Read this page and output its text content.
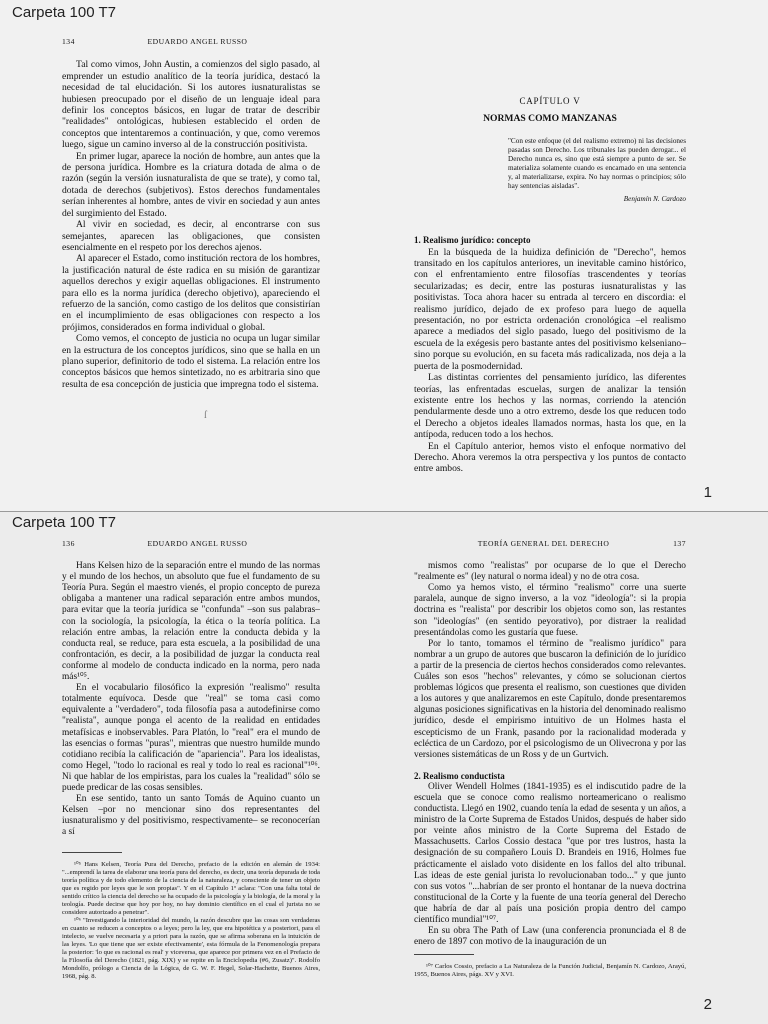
Carpeta 100 T7
1
134	EDUARDO ANGEL RUSSO

Tal como vimos, John Austin, a comienzos del siglo pasado, al emprender un estudio analítico de la teoría jurídica, destacó la necesidad de tal elucidación. Si los autores iusnaturalistas se hubiesen preocupado por el diseño de un lenguaje ideal para definir los conceptos básicos, en lugar de tratar de describir "realidades" ontológicas, hubiesen establecido el orden de conceptos que intentaremos a continuación, y que, como veremos luego, sigue un camino inverso al de la construcción positivista.

En primer lugar, aparece la noción de hombre, aun antes que la de persona jurídica. Hombre es la criatura dotada de alma o de razón (según la versión iusnaturalista de que se trate), y como tal, dotada de derechos (subjetivos). Estos derechos fundamentales serían inherentes al hombre, antes de vivir en sociedad y aun antes del surgimiento del Estado.

Al vivir en sociedad, es decir, al encontrarse con sus semejantes, aparecen las obligaciones, que consisten esencialmente en el respeto por los derechos ajenos.

Al aparecer el Estado, como institución rectora de los hombres, la justificación natural de éste radica en su misión de garantizar aquellos derechos y exigir aquellas obligaciones. El instrumento para ello es la norma jurídica (derecho objetivo), apareciendo el refuerzo de la sanción, como castigo de los delitos que consistirían en el incumplimiento de esas obligaciones con respecto a los prójimos, considerados en forma individual o global.

Como vemos, el concepto de justicia no ocupa un lugar similar en la estructura de los conceptos jurídicos, sino que se halla en un plano superior, definitorio de todo el sistema. La relación entre los conceptos básicos que hemos sintetizado, no es arbitraria sino que resulta de esa concepción de justicia que impregna todo el sistema.

ſ
CAPÍTULO V
NORMAS COMO MANZANAS
"Con este enfoque (el del realismo extremo) ni las decisiones pasadas son Derecho. Los tribunales las pueden derogar... el Derecho nunca es, sino que está siempre a punto de ser. Se materializa solamente cuando es encarnado en una sentencia y, al materializarse, expira. No hay normas o principios; sólo hay sentencias aisladas".
Benjamín N. Cardozo

1. Realismo jurídico: concepto

En la búsqueda de la huidiza definición de "Derecho", hemos transitado en los capítulos anteriores, un inevitable camino histórico, con el enfrentamiento entre filosofías trascendentes y teorías secularizadas; es decir, entre las posturas iusnaturalistas y las positivistas. Toca ahora hacer su entrada al tercero en discordia: el realismo jurídico, dejado de ex profeso para luego de aquella presentación, no por estricta ordenación cronológica –el realismo aparece a mediados del siglo pasado, luego del positivismo de la escuela de la exégesis pero bastante antes del positivismo kelseniano– sino porque su evolución, en su faceta más radicalizada, nos deja a la puerta de la posmodernidad.

Las distintas corrientes del pensamiento jurídico, las diferentes teorías, las enfrentadas escuelas, surgen de analizar la tensión existente entre los hechos y las normas, corriendo la atención pendularmente desde uno a otro extremo, desde los que reducen todo el Derecho a objetos ideales llamados normas, hasta los que, en la antípoda, reducen todo a los hechos.

En el Capítulo anterior, hemos visto el enfoque normativo del Derecho. Ahora veremos la otra perspectiva y los puntos de contacto entre ambos.

Carpeta 100 T7
2
136	EDUARDO ANGEL RUSSO

Hans Kelsen hizo de la separación entre el mundo de las normas y el mundo de los hechos, un absoluto que fue el fundamento de su Teoría Pura. Según el maestro vienés, el propio concepto de pureza obligaba a mantener una radical separación entre ambos mundos, para evitar que la teoría jurídica se "confunda" –son sus palabras– con la sociología, la psicología, la ética o la teoría política. La relación entre ambas, la relación entre la conducta debida y la conducta real, se reduce, para esta escuela, a la posibilidad de una confrontación, es decir, a la posibilidad de juzgar la conducta real conforme al modelo de conducta indicado en la norma, pero nada más¹⁰⁵.

En el vocabulario filosófico la expresión "realismo" resulta totalmente equívoca. Desde que "real" se toma casi como equivalente a "verdadero", toda filosofía pasa a autodefinirse como "realista", aunque ponga el acento de la realidad en entidades metafísicas e inobservables. Para Platón, lo "real" era el mundo de las esencias o formas "puras", mientras que nuestro humilde mundo cotidiano recibía la calificación de "apariencia". Para los idealistas, como Hegel, "todo lo racional es real y todo lo real es racional"¹⁰⁶. Ni que hablar de los empiristas, para los cuales la "realidad" sólo se puede predicar de las cosas sensibles.

En ese sentido, tanto un santo Tomás de Aquino cuanto un Kelsen –por no mencionar sino dos representantes del iusnaturalismo y del positivismo, respectivamente– se reconocerían a sí

¹⁰⁵ Hans Kelsen, Teoría Pura del Derecho, prefacio de la edición en alemán de 1934: "...emprendí la tarea de elaborar una teoría pura del derecho, es decir, una teoría depurada de toda teoría política y de todo elemento de la ciencia de la naturaleza, y consciente de tener un objeto que es regido por leyes que le son propias". Y en el Capítulo 1º aclara: "Con una falta total de sentido crítico la ciencia del derecho se ha ocupado de la psicología y la biología, de la moral y la teología. Puede decirse que hoy por hoy, no hay dominio científico en el cual el jurista no se considere autorizado a penetrar".

¹⁰⁶ "Investigando la interioridad del mundo, la razón descubre que las cosas son verdaderas en cuanto se reducen a conceptos o a leyes; pero la ley, que era hipotética y a posteriori, para el intelecto, se vuelve necesaria y a priori para la razón, que se afirma soberana en la intuición de las leyes. 'Lo que tiene que ser existe efectivamente', esta fórmula de la Fenomenología prepara la posterior: 'lo que es racional es real' y viceversa, que aparece por primera vez en el Prefacio de la Filosofía del Derecho (1821, pág. XIX) y se repite en la Enciclopedia (#6, Zusatz)". Rodolfo Mondolfo, prólogo a Ciencia de la Lógica, de G. W. F. Hegel, Solar-Hachette, Buenos Aires, 1968, pág. 8.

TEORÍA GENERAL DEL DERECHO	137

mismos como "realistas" por ocuparse de lo que el Derecho "realmente es" (ley natural o norma ideal) y no de otra cosa.

Como ya hemos visto, el término "realismo" corre una suerte paralela, aunque de signo inverso, a la voz "ideología": si la propia doctrina es "realista" por describir los objetos como son, las restantes son "ideologías" (en sentido peyorativo), por distraer la realidad presentándolas como les gustaría que fuese.

Por lo tanto, tomamos el término de "realismo jurídico" para nombrar a un grupo de autores que buscaron la definición de lo jurídico a partir de la presencia de ciertos hechos considerados como relevantes. Cuáles son esos "hechos" relevantes, y cómo se solucionan ciertos problemas lógicos que presenta el realismo, son cuestiones que dividen a los autores y que analizaremos en este Capítulo, donde presentaremos algunas posiciones significativas en la historia del denominado realismo jurídico, desde el empirismo intuitivo de un Holmes hasta el escepticismo de un Frank, pasando por la racionalidad moderada y ecléctica de un Cardozo, por el psicologismo de un Olivecrona y por las versiones sistemáticas de un Ross y de un Gurtvich.

2. Realismo conductista

Oliver Wendell Holmes (1841-1935) es el indiscutido padre de la escuela que se conoce como realismo norteamericano o realismo conductista. Llegó en 1902, cuando tenía la edad de sesenta y un años, a ministro de la Corte Suprema de Estados Unidos, después de haber sido por veinte años ministro de la Corte Suprema del Estado de Massachusetts. Carlos Cossio destaca "que por tres lustros, hasta la designación de su compañero Louis D. Brandeis en 1916, Holmes fue prácticamente el aislado voto disidente en los fallos del alto tribunal. Las ideas de este genial jurista lo revolucionaban todo..." y que junto con sus votos "...habrían de ser pronto el hontanar de la nueva doctrina constitucional de la Corte y la fuente de una teoría general del Derecho que habría de dar al país una posición propia dentro del campo científico mundial"¹⁰⁷.

En su obra The Path of Law (una conferencia pronunciada el 8 de enero de 1897 con motivo de la inauguración de un

¹⁰⁷ Carlos Cossio, prefacio a La Naturaleza de la Función Judicial, Benjamín N. Cardozo, Arayú, 1955, Buenos Aires, págs. XV y XVI.
